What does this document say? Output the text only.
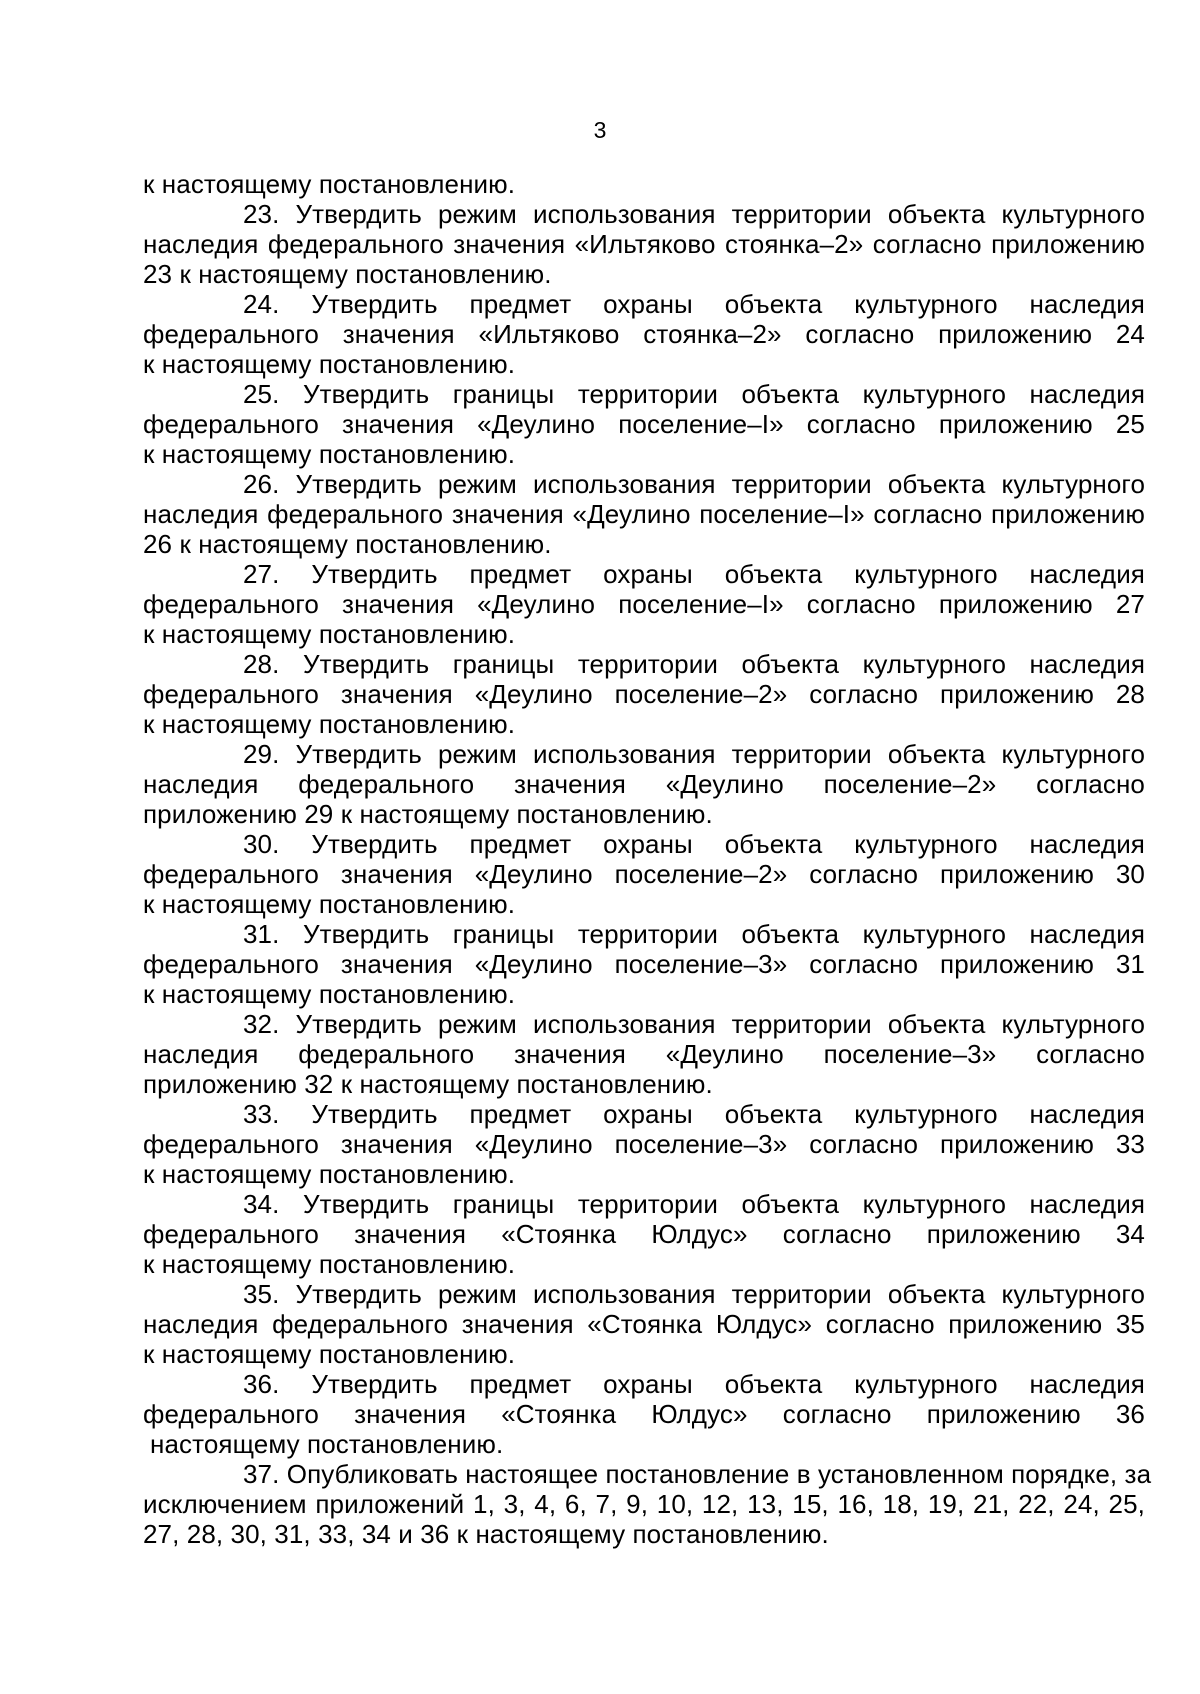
3
к настоящему постановлению.
23. Утвердить режим использования территории объекта культурного
наследия федерального значения «Ильтяково стоянка–2» согласно приложению
23 к настоящему постановлению.
24. Утвердить предмет охраны объекта культурного наследия
федерального значения «Ильтяково стоянка–2» согласно приложению 24
к настоящему постановлению.
25. Утвердить границы территории объекта культурного наследия
федерального значения «Деулино поселение–I» согласно приложению 25
к настоящему постановлению.
26. Утвердить режим использования территории объекта культурного
наследия федерального значения «Деулино поселение–I» согласно приложению
26 к настоящему постановлению.
27. Утвердить предмет охраны объекта культурного наследия
федерального значения «Деулино поселение–I» согласно приложению 27
к настоящему постановлению.
28. Утвердить границы территории объекта культурного наследия
федерального значения «Деулино поселение–2» согласно приложению 28
к настоящему постановлению.
29. Утвердить режим использования территории объекта культурного
наследия федерального значения «Деулино поселение–2» согласно
приложению 29 к настоящему постановлению.
30. Утвердить предмет охраны объекта культурного наследия
федерального значения «Деулино поселение–2» согласно приложению 30
к настоящему постановлению.
31. Утвердить границы территории объекта культурного наследия
федерального значения «Деулино поселение–3» согласно приложению 31
к настоящему постановлению.
32. Утвердить режим использования территории объекта культурного
наследия федерального значения «Деулино поселение–3» согласно
приложению 32 к настоящему постановлению.
33. Утвердить предмет охраны объекта культурного наследия
федерального значения «Деулино поселение–3» согласно приложению 33
к настоящему постановлению.
34. Утвердить границы территории объекта культурного наследия
федерального значения «Стоянка Юлдус» согласно приложению 34
к настоящему постановлению.
35. Утвердить режим использования территории объекта культурного
наследия федерального значения «Стоянка Юлдус» согласно приложению 35
к настоящему постановлению.
36. Утвердить предмет охраны объекта культурного наследия
федерального значения «Стоянка Юлдус» согласно приложению 36
настоящему постановлению.
37. Опубликовать настоящее постановление в установленном порядке, за
исключением приложений 1, 3, 4, 6, 7, 9, 10, 12, 13, 15, 16, 18, 19, 21, 22, 24, 25,
27, 28, 30, 31, 33, 34 и 36 к настоящему постановлению.
